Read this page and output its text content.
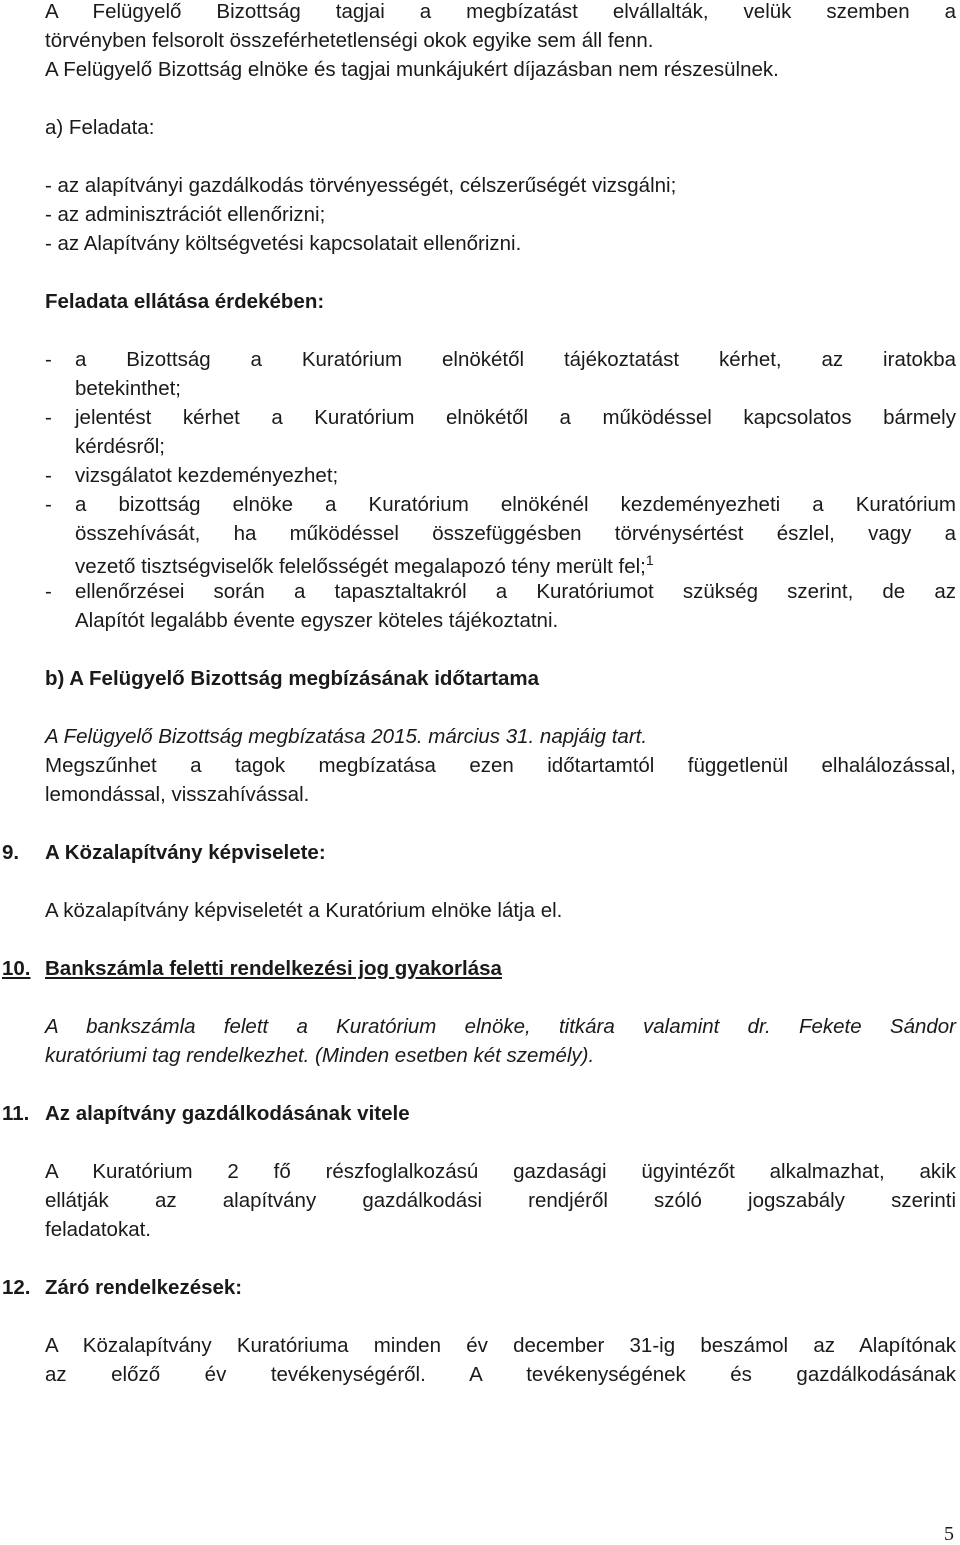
A Felügyelő Bizottság tagjai a megbízatást elvállalták, velük szemben a
törvényben felsorolt összeférhetetlenségi okok egyike sem áll fenn.
A Felügyelő Bizottság elnöke és tagjai munkájukért díjazásban nem részesülnek.
a) Feladata:
- az alapítványi gazdálkodás törvényességét, célszerűségét vizsgálni;
- az adminisztrációt ellenőrizni;
- az Alapítvány költségvetési kapcsolatait ellenőrizni.
Feladata ellátása érdekében:
- a Bizottság a Kuratórium elnökétől tájékoztatást kérhet, az iratokba
betekinthet;
- jelentést kérhet a Kuratórium elnökétől a működéssel kapcsolatos bármely
kérdésről;
- vizsgálatot kezdeményezhet;
- a bizottság elnöke a Kuratórium elnökénél kezdeményezheti a Kuratórium
összehívását, ha működéssel összefüggésben törvénysértést észlel, vagy a
vezető tisztségviselők felelősségét megalapozó tény merült fel;$^1$
- ellenőrzései során a tapasztaltakról a Kuratóriumot szükség szerint, de az
Alapítót legalább évente egyszer köteles tájékoztatni.
b) A Felügyelő Bizottság megbízásának időtartama
A Felügyelő Bizottság megbízatása 2015. március 31. napjáig tart.
Megszűnhet a tagok megbízatása ezen időtartamtól függetlenül elhalálozással,
lemondással, visszahívással.
9. A Közalapítvány képviselete:
A közalapítvány képviseletét a Kuratórium elnöke látja el.
10. Bankszámla feletti rendelkezési jog gyakorlása
A bankszámla felett a Kuratórium elnöke, titkára valamint dr. Fekete Sándor
kuratóriumi tag rendelkezhet. (Minden esetben két személy).
11. Az alapítvány gazdálkodásának vitele
A Kuratórium 2 fő részfoglalkozású gazdasági ügyintézőt alkalmazhat, akik
ellátják az alapítvány gazdálkodási rendjéről szóló jogszabály szerinti
feladatokat.
12. Záró rendelkezések:
A Közalapítvány Kuratóriuma minden év december 31-ig beszámol az Alapítónak
az előző év tevékenységéről. A tevékenységének és gazdálkodásának
5
